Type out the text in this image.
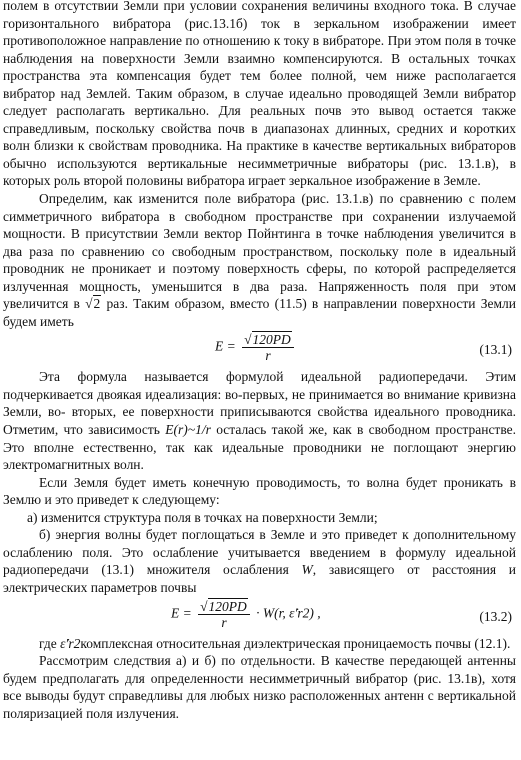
полем в отсутствии Земли при условии сохранения величины входного тока. В случае горизонтального вибратора (рис.13.1б) ток в зеркальном изображении имеет противоположное направление по отношению к току в вибраторе. При этом поля в точке наблюдения на поверхности Земли взаимно компенсируются. В остальных точках пространства эта компенсация будет тем более полной, чем ниже располагается вибратор над Землей. Таким образом, в случае идеально проводящей Земли вибратор следует располагать вертикально. Для реальных почв это вывод остается также справедливым, поскольку свойства почв в диапазонах длинных, средних и коротких волн близки к свойствам проводника. На практике в качестве вертикальных вибраторов обычно используются вертикальные несимметричные вибраторы (рис. 13.1.в), в которых роль второй половины вибратора играет зеркальное изображение в Земле.

Определим, как изменится поле вибратора (рис. 13.1.в) по сравнению с полем симметричного вибратора в свободном пространстве при сохранении излучаемой мощности. В присутствии Земли вектор Пойнтинга в точке наблюдения увеличится в два раза по сравнению со свободным пространством, поскольку поле в идеальный проводник не проникает и поэтому поверхность сферы, по которой распределяется излученная мощность, уменьшится в два раза. Напряженность поля при этом увеличится в √2 раз. Таким образом, вместо (11.5) в направлении поверхности Земли будем иметь

$E = \frac{√120PD}{r}$	(13.1)

Эта формула называется формулой идеальной радиопередачи. Этим подчеркивается двоякая идеализация: во-первых, не принимается во внимание кривизна Земли, во- вторых, ее поверхности приписываются свойства идеального проводника. Отметим, что зависимость E(r)~1/r осталась такой же, как в свободном пространстве. Это вполне естественно, так как идеальные проводники не поглощают энергию электромагнитных волн.

Если Земля будет иметь конечную проводимость, то волна будет проникать в Землю и это приведет к следующему:

а) изменится структура поля в точках на поверхности Земли;

б) энергия волны будет поглощаться в Земле и это приведет к дополнительному ослаблению поля. Это ослабление учитывается введением в формулу идеальной радиопередачи (13.1) множителя ослабления W, зависящего от расстояния и электрических параметров почвы

$E = \frac{√120PD}{r} \cdot W(r$, ε̇′r2) ,	(13.2)

где ε̇′r2комплексная относительная диэлектрическая проницаемость почвы (12.1).

Рассмотрим следствия а) и б) по отдельности. В качестве передающей антенны будем предполагать для определенности несимметричный вибратор (рис. 13.1в), хотя все выводы будут справедливы для любых низко расположенных антенн с вертикальной поляризацией поля излучения.
